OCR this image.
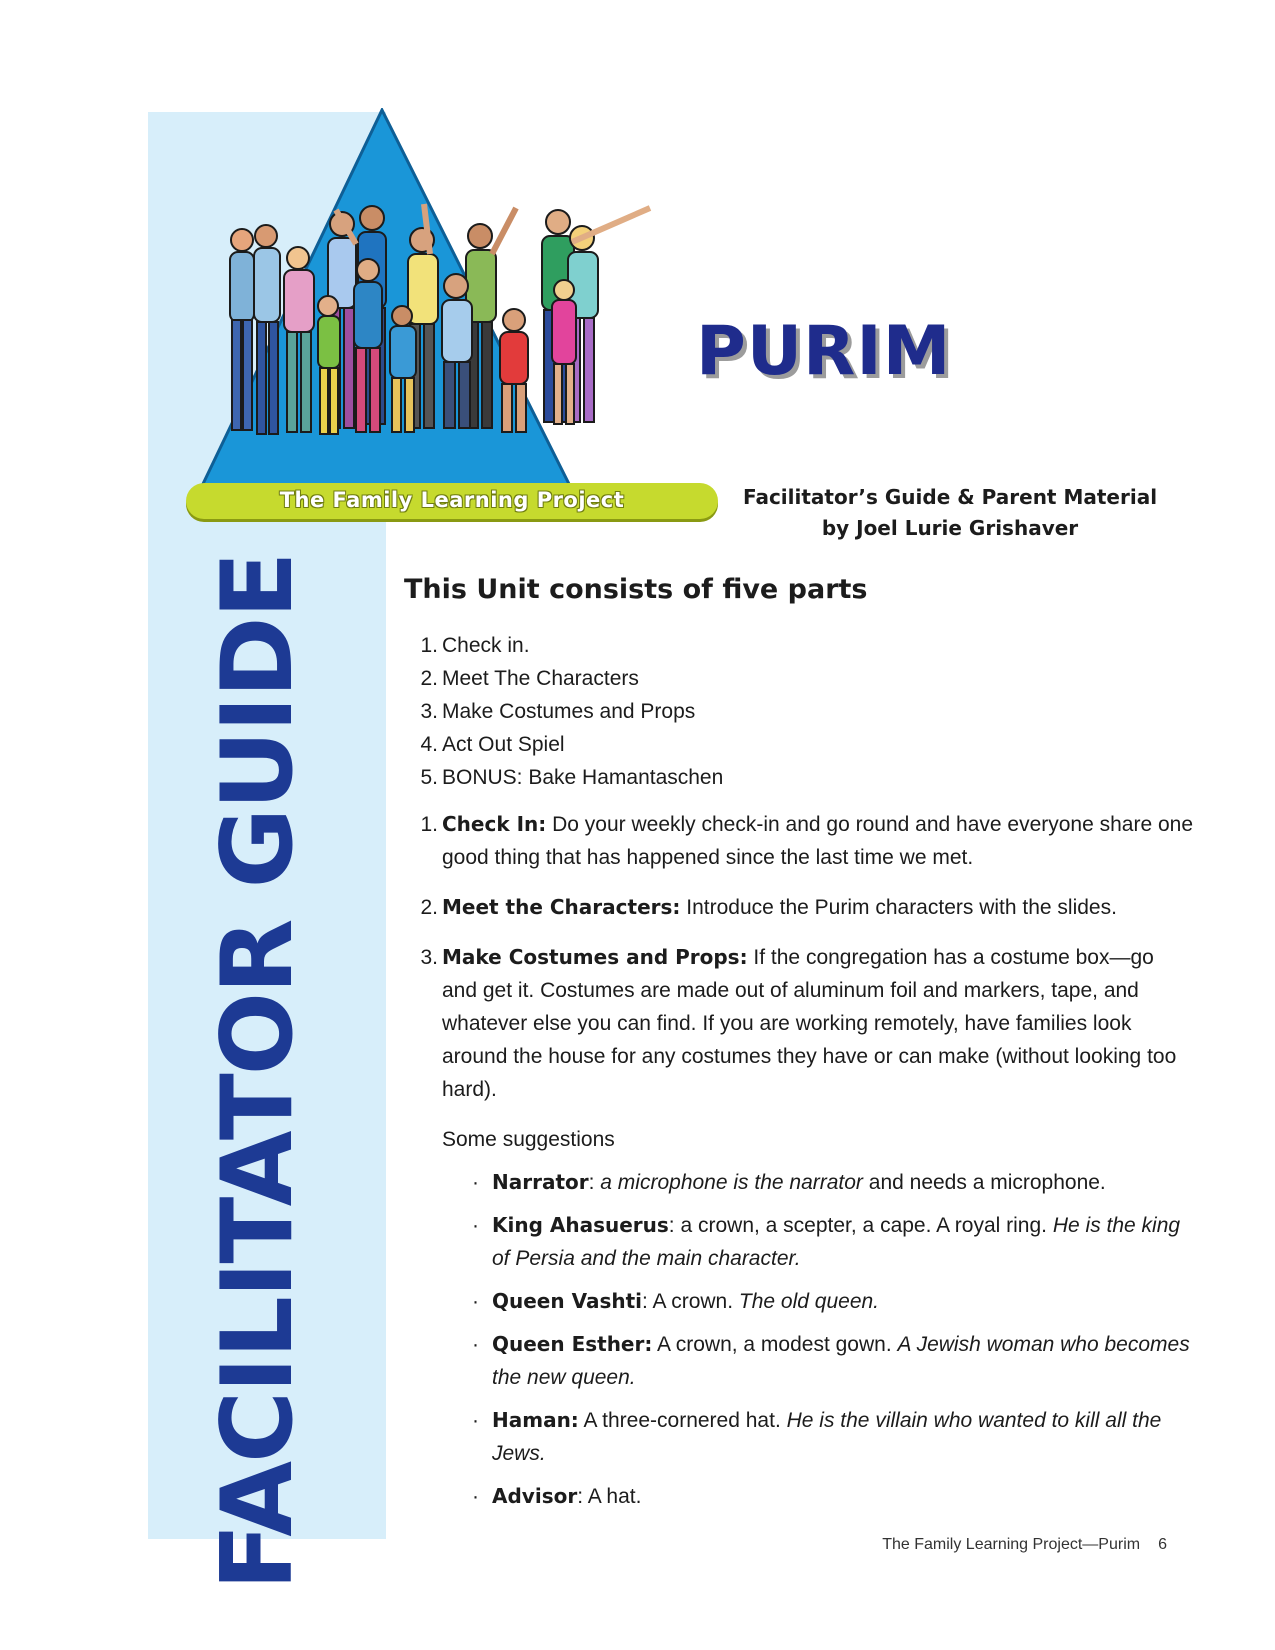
FACILITATOR GUIDE
The Family Learning Project
PURIM
Facilitator’s Guide & Parent Material
by Joel Lurie Grishaver
This Unit consists of five parts
1. Check in.
2. Meet The Characters
3. Make Costumes and Props
4. Act Out Spiel
5. BONUS: Bake Hamantaschen
1. Check In: Do your weekly check-in and go round and have everyone share one good thing that has happened since the last time we met.
2. Meet the Characters: Introduce the Purim characters with the slides.
3. Make Costumes and Props: If the congregation has a costume box—go and get it. Costumes are made out of aluminum foil and markers, tape, and whatever else you can find. If you are working remotely, have families look around the house for any costumes they have or can make (without looking too hard).
Some suggestions
· Narrator: a microphone is the narrator and needs a microphone.
· King Ahasuerus: a crown, a scepter, a cape. A royal ring. He is the king of Persia and the main character.
· Queen Vashti: A crown. The old queen.
· Queen Esther: A crown, a modest gown. A Jewish woman who becomes the new queen.
· Haman: A three-cornered hat. He is the villain who wanted to kill all the Jews.
· Advisor: A hat.
The Family Learning Project—Purim 6
